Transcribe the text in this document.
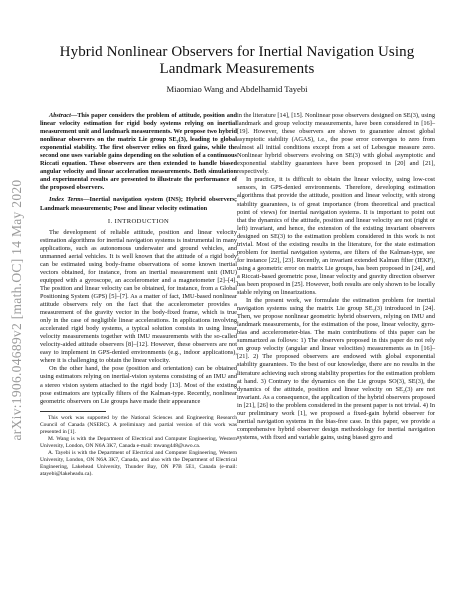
arXiv:1906.04689v2 [math.OC] 14 May 2020
Hybrid Nonlinear Observers for Inertial Navigation Using
Landmark Measurements
Miaomiao Wang and Abdelhamid Tayebi

Abstract—This paper considers the problem of attitude, position and linear velocity estimation for rigid body systems relying on inertial measurement unit and landmark measurements. We propose two hybrid nonlinear observers on the matrix Lie group SE₂(3), leading to global exponential stability. The first observer relies on fixed gains, while the second one uses variable gains depending on the solution of a continuous Riccati equation. These observers are then extended to handle biased angular velocity and linear acceleration measurements. Both simulation and experimental results are presented to illustrate the performance of the proposed observers.

Index Terms—Inertial navigation system (INS); Hybrid observers; Landmark measurements; Pose and linear velocity estimation

I. INTRODUCTION

The development of reliable attitude, position and linear velocity estimation algorithms for inertial navigation systems is instrumental in many applications, such as autonomous underwater and ground vehicles, and unmanned aerial vehicles. It is well known that the attitude of a rigid body can be estimated using body-frame observations of some known inertial vectors obtained, for instance, from an inertial measurement unit (IMU) equipped with a gyroscope, an accelerometer and a magnetometer [2]–[4]. The position and linear velocity can be obtained, for instance, from a Global Positioning System (GPS) [5]–[7]. As a matter of fact, IMU-based nonlinear attitude observers rely on the fact that the accelerometer provides a measurement of the gravity vector in the body-fixed frame, which is true only in the case of negligible linear accelerations. In applications involving accelerated rigid body systems, a typical solution consists in using linear velocity measurements together with IMU measurements with the so-called velocity-aided attitude observers [8]–[12]. However, these observers are not easy to implement in GPS-denied environments (e.g., indoor applications), where it is challenging to obtain the linear velocity.

On the other hand, the pose (position and orientation) can be obtained using estimators relying on inertial-vision systems consisting of an IMU and a stereo vision system attached to the rigid body [13]. Most of the existing pose estimators are typically filters of the Kalman-type. Recently, nonlinear geometric observers on Lie groups have made their appearance

This work was supported by the National Sciences and Engineering Research Council of Canada (NSERC). A preliminary and partial version of this work was presented in [1].

M. Wang is with the Department of Electrical and Computer Engineering, Western University, London, ON N6A 3K7, Canada e-mail: mwang448@uwo.ca.

A. Tayebi is with the Department of Electrical and Computer Engineering, Western University, London, ON N6A 3K7, Canada, and also with the Department of Electrical Engineering, Lakehead University, Thunder Bay, ON P7B 5E1, Canada (e-mail: atayebi@lakeheadu.ca).

in the literature [14], [15]. Nonlinear pose observers designed on SE(3), using landmark and group velocity measurements, have been considered in [16]–[19]. However, these observers are shown to guarantee almost global asymptotic stability (AGAS), i.e., the pose error converges to zero from almost all initial conditions except from a set of Lebesgue measure zero. Nonlinear hybrid observers evolving on SE(3) with global asymptotic and exponential stability guarantees have been proposed in [20] and [21], respectively.

In practice, it is difficult to obtain the linear velocity, using low-cost sensors, in GPS-denied environments. Therefore, developing estimation algorithms that provide the attitude, position and linear velocity, with strong stability guarantees, is of great importance (from theoretical and practical point of views) for inertial navigation systems. It is important to point out that the dynamics of the attitude, position and linear velocity are not (right or left) invariant, and hence, the extension of the existing invariant observers designed on SE(3) to the estimation problem considered in this work is not trivial. Most of the existing results in the literature, for the state estimation problem for inertial navigation systems, are filters of the Kalman-type, see for instance [22], [23]. Recently, an invariant extended Kalman filter (IEKF), using a geometric error on matrix Lie groups, has been proposed in [24], and a Riccati-based geometric pose, linear velocity and gravity direction observer has been proposed in [25]. However, both results are only shown to be locally stable relying on linearizations.

In the present work, we formulate the estimation problem for inertial navigation systems using the matrix Lie group SE₂(3) introduced in [24]. Then, we propose nonlinear geometric hybrid observers, relying on IMU and landmark measurements, for the estimation of the pose, linear velocity, gyro-bias and accelerometer-bias. The main contributions of this paper can be summarized as follows: 1) The observers proposed in this paper do not rely on group velocity (angular and linear velocities) measurements as in [16]–[21]. 2) The proposed observers are endowed with global exponential stability guarantees. To the best of our knowledge, there are no results in the literature achieving such strong stability properties for the estimation problem at hand. 3) Contrary to the dynamics on the Lie groups SO(3), SE(3), the dynamics of the attitude, position and linear velocity on SE₂(3) are not invariant. As a consequence, the application of the hybrid observers proposed in [21], [26] to the problem considered in the present paper is not trivial. 4) In our preliminary work [1], we proposed a fixed-gain hybrid observer for inertial navigation systems in the bias-free case. In this paper, we provide a comprehensive hybrid observer design methodology for inertial navigation systems, with fixed and variable gains, using biased gyro and
